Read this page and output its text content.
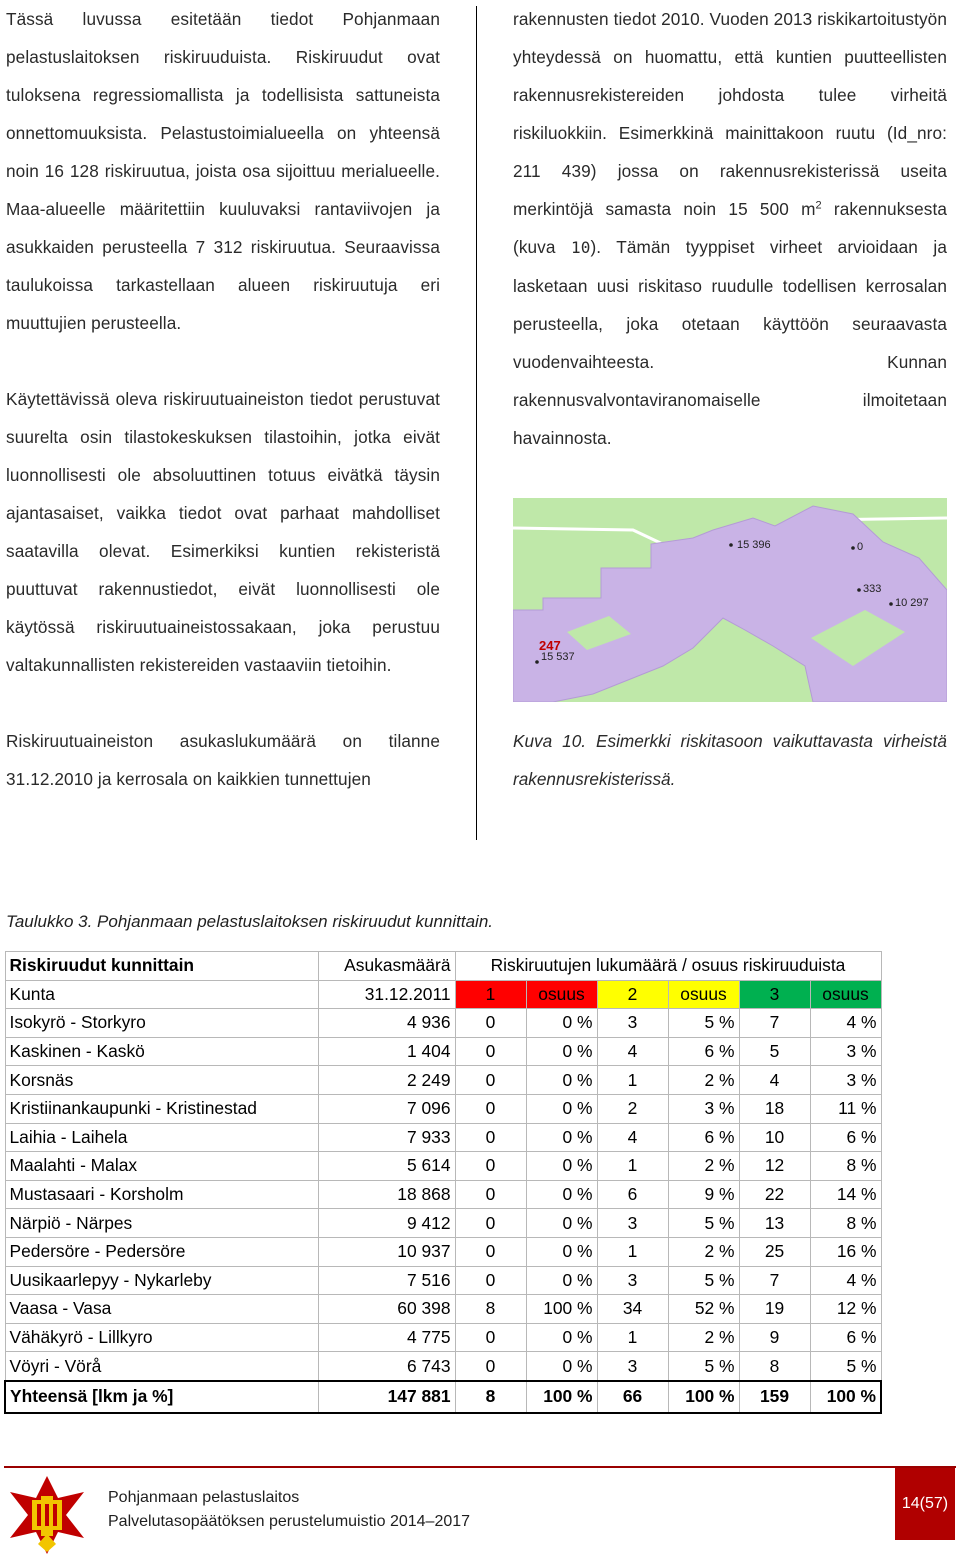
Tässä luvussa esitetään tiedot Pohjanmaan pelastuslaitoksen riskiruuduista. Riskiruudut ovat tuloksena regressiomallista ja todellisista sattuneista onnettomuuksista. Pelastustoimialueella on yhteensä noin 16 128 riskiruutua, joista osa sijoittuu merialueelle. Maa-alueelle määritettiin kuuluvaksi rantaviivojen ja asukkaiden perusteella 7 312 riskiruutua. Seuraavissa taulukoissa tarkastellaan alueen riskiruutuja eri muuttujien perusteella.

Käytettävissä oleva riskiruutuaineiston tiedot perustuvat suurelta osin tilastokeskuksen tilastoihin, jotka eivät luonnollisesti ole absoluuttinen totuus eivätkä täysin ajantasaiset, vaikka tiedot ovat parhaat mahdolliset saatavilla olevat. Esimerkiksi kuntien rekisteristä puuttuvat rakennustiedot, eivät luonnollisesti ole käytössä riskiruutuaineistossakaan, joka perustuu valtakunnallisten rekistereiden vastaaviin tietoihin.

Riskiruutuaineiston asukaslukumäärä on tilanne 31.12.2010 ja kerrosala on kaikkien tunnettujen

rakennusten tiedot 2010. Vuoden 2013 riskikartoitustyön yhteydessä on huomattu, että kuntien puutteellisten rakennusrekistereiden johdosta tulee virheitä riskiluokkiin. Esimerkkinä mainittakoon ruutu (Id_nro: 211 439) jossa on rakennusrekisterissä useita merkintöjä samasta noin 15 500 $m^2$ rakennuksesta (kuva 10). Tämän tyyppiset virheet arvioidaan ja lasketaan uusi riskitaso ruudulle todellisen kerrosalan perusteella, joka otetaan käyttöön seuraavasta vuodenvaihteesta. Kunnan rakennusvalvontaviranomaiselle ilmoitetaan havainnosta.

15 396	0
333
10 297
247
15 537
Kuva 10. Esimerkki riskitasoon vaikuttavasta virheistä rakennusrekisterissä.
Taulukko 3. Pohjanmaan pelastuslaitoksen riskiruudut kunnittain.
Riskiruudut kunnittain	Asukasmäärä	Riskiruutujen lukumäärä / osuus riskiruuduista					
Kunta	31.12.2011	1	osuus	2	osuus	3	osuus
Isokyrö - Storkyro	4 936	0	0 %	3	5 %	7	4 %
Kaskinen - Kaskö	1 404	0	0 %	4	6 %	5	3 %
Korsnäs	2 249	0	0 %	1	2 %	4	3 %
Kristiinankaupunki - Kristinestad	7 096	0	0 %	2	3 %	18	11 %
Laihia - Laihela	7 933	0	0 %	4	6 %	10	6 %
Maalahti - Malax	5 614	0	0 %	1	2 %	12	8 %
Mustasaari - Korsholm	18 868	0	0 %	6	9 %	22	14 %
Närpiö - Närpes	9 412	0	0 %	3	5 %	13	8 %
Pedersöre - Pedersöre	10 937	0	0 %	1	2 %	25	16 %
Uusikaarlepyy - Nykarleby	7 516	0	0 %	3	5 %	7	4 %
Vaasa - Vasa	60 398	8	100 %	34	52 %	19	12 %
Vähäkyrö - Lillkyro	4 775	0	0 %	1	2 %	9	6 %
Vöyri - Vörå	6 743	0	0 %	3	5 %	8	5 %
Yhteensä [lkm ja %]	147 881	8	100 %	66	100 %	159	100 %
Pohjanmaan pelastuslaitos
Palvelutasopäätöksen perustelumuistio 2014–2017
14(57)
